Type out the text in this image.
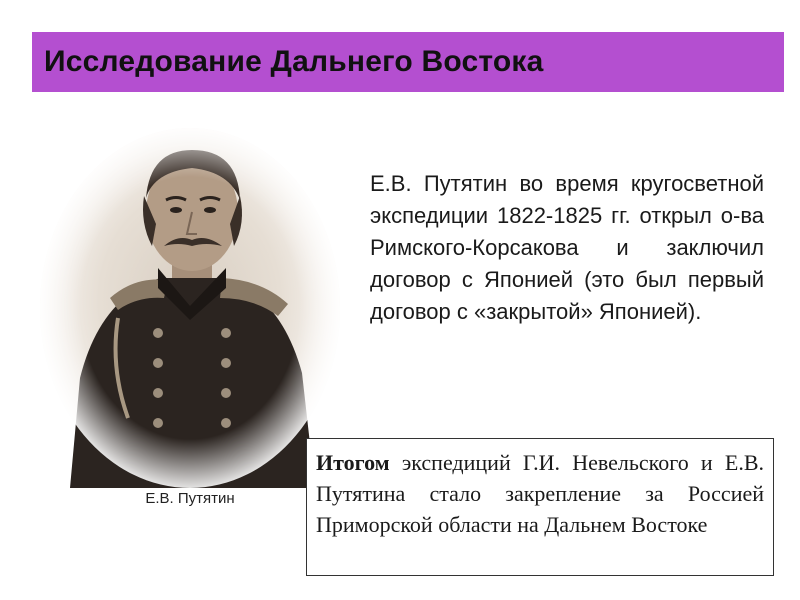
Исследование Дальнего Востока
Е.В. Путятин
Е.В. Путятин во время кругосветной экспедиции 1822-1825 гг. открыл о-ва Римского-Корсакова и заключил договор с Японией (это был первый договор с «закрытой» Японией).
Итогом экспедиций Г.И. Невельского и Е.В. Путятина стало закрепление за Россией Приморской области на Дальнем Востоке
